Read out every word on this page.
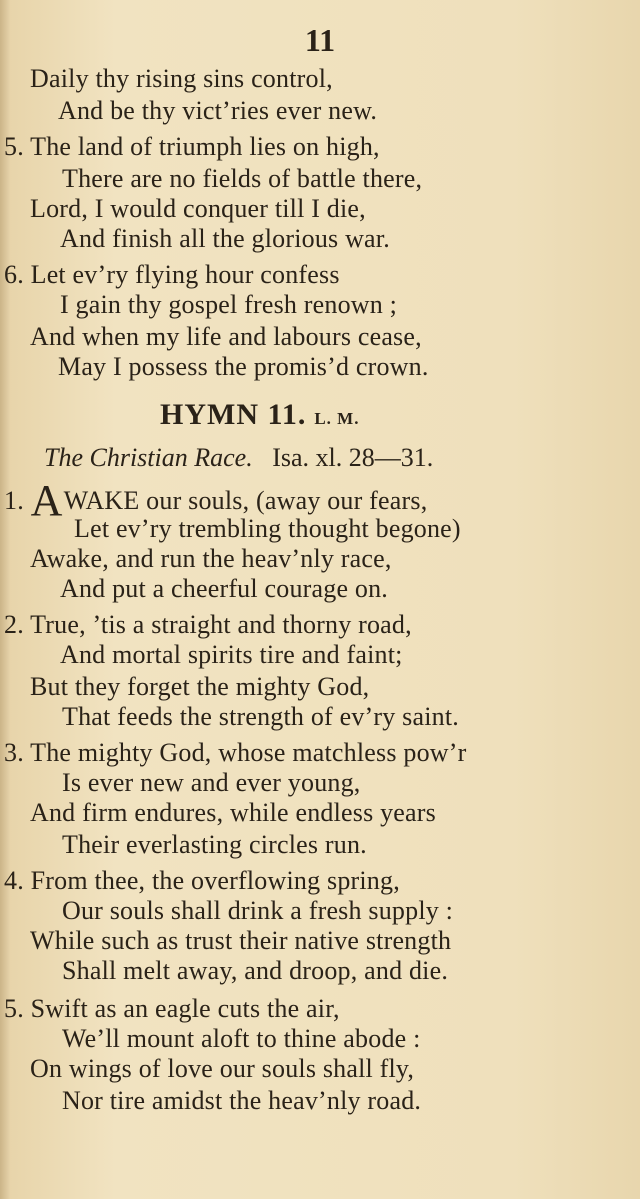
11
Daily thy rising sins control,
And be thy vict’ries ever new.
5. The land of triumph lies on high,
There are no fields of battle there,
Lord, I would conquer till I die,
And finish all the glorious war.
6. Let ev’ry flying hour confess
I gain thy gospel fresh renown ;
And when my life and labours cease,
May I possess the promis’d crown.
HYMN 11. L. M.
The Christian Race. Isa. xl. 28—31.
1. AWAKE our souls, (away our fears,
Let ev’ry trembling thought begone)
Awake, and run the heav’nly race,
And put a cheerful courage on.
2. True, ’tis a straight and thorny road,
And mortal spirits tire and faint;
But they forget the mighty God,
That feeds the strength of ev’ry saint.
3. The mighty God, whose matchless pow’r
Is ever new and ever young,
And firm endures, while endless years
Their everlasting circles run.
4. From thee, the overflowing spring,
Our souls shall drink a fresh supply :
While such as trust their native strength
Shall melt away, and droop, and die.
5. Swift as an eagle cuts the air,
We’ll mount aloft to thine abode :
On wings of love our souls shall fly,
Nor tire amidst the heav’nly road.
